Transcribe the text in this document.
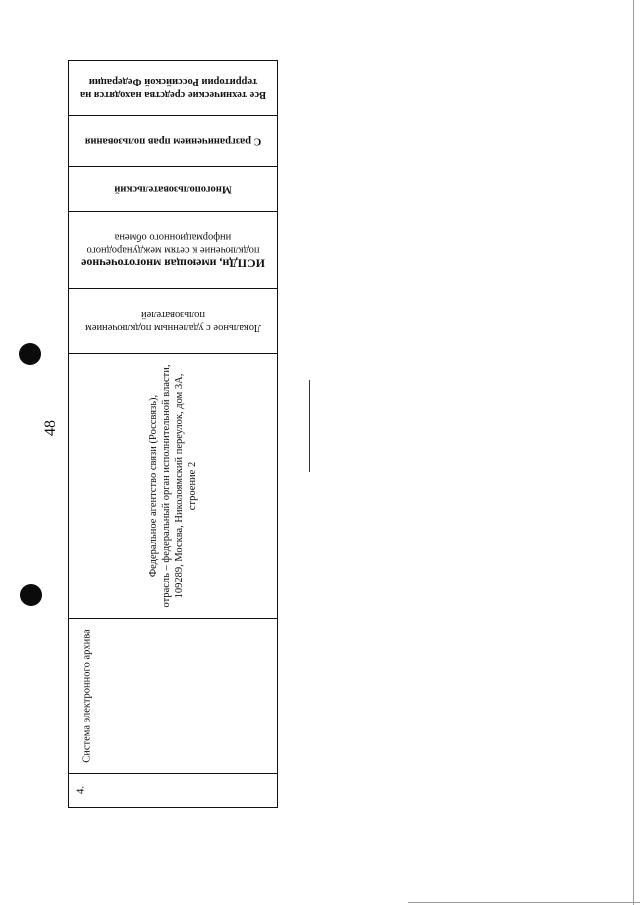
48
Все технические средства находятся на
территории Российской Федерации
С разграничением прав пользования
Многопользовательский
ИСПДн, имеющая многоточечное
подключение к сетям международного
информационного обмена
Локальное с удаленным подключением
пользователей
Федеральное агентство связи (Россвязь), отрасль – федеральный орган исполнительной власти, 109289, Москва, Николоямский переулок, дом 3А, строение 2
Система электронного архива
4.
